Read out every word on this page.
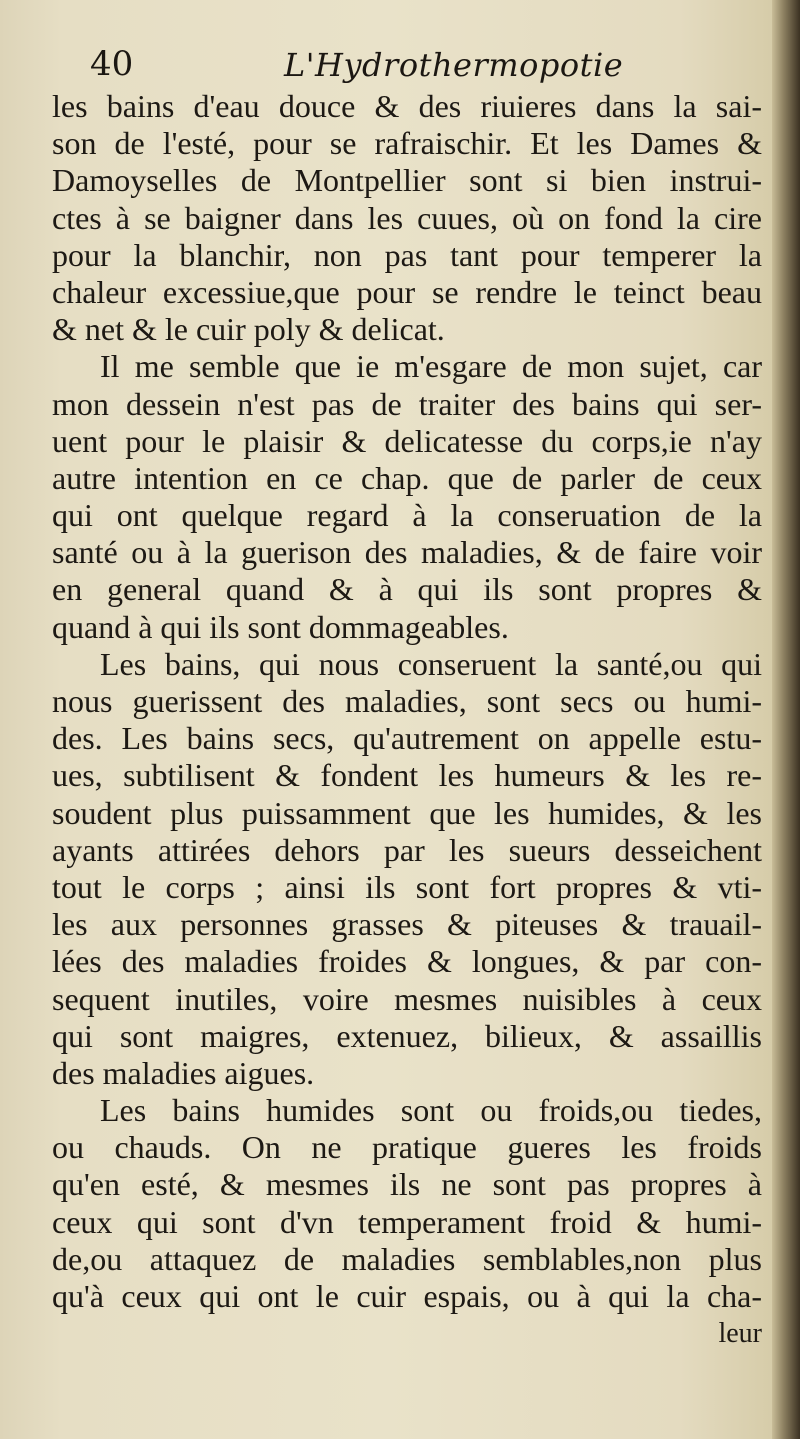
40	L'Hydrothermopotie
les bains d'eau douce & des riuieres dans la sai-
son de l'esté, pour se rafraischir. Et les Dames &
Damoyselles de Montpellier sont si bien instrui-
ctes à se baigner dans les cuues, où on fond la cire
pour la blanchir, non pas tant pour temperer la
chaleur excessiue,que pour se rendre le teinct beau
& net & le cuir poly & delicat.
Il me semble que ie m'esgare de mon sujet, car
mon dessein n'est pas de traiter des bains qui ser-
uent pour le plaisir & delicatesse du corps,ie n'ay
autre intention en ce chap. que de parler de ceux
qui ont quelque regard à la conseruation de la
santé ou à la guerison des maladies, & de faire voir
en general quand & à qui ils sont propres &
quand à qui ils sont dommageables.
Les bains, qui nous conseruent la santé,ou qui
nous guerissent des maladies, sont secs ou humi-
des. Les bains secs, qu'autrement on appelle estu-
ues, subtilisent & fondent les humeurs & les re-
soudent plus puissamment que les humides, & les
ayants attirées dehors par les sueurs desseichent
tout le corps ; ainsi ils sont fort propres & vti-
les aux personnes grasses & piteuses & trauail-
lées des maladies froides & longues, & par con-
sequent inutiles, voire mesmes nuisibles à ceux
qui sont maigres, extenuez, bilieux, & assaillis
des maladies aigues.
Les bains humides sont ou froids,ou tiedes,
ou chauds. On ne pratique gueres les froids
qu'en esté, & mesmes ils ne sont pas propres à
ceux qui sont d'vn temperament froid & humi-
de,ou attaquez de maladies semblables,non plus
qu'à ceux qui ont le cuir espais, ou à qui la cha-
leur
